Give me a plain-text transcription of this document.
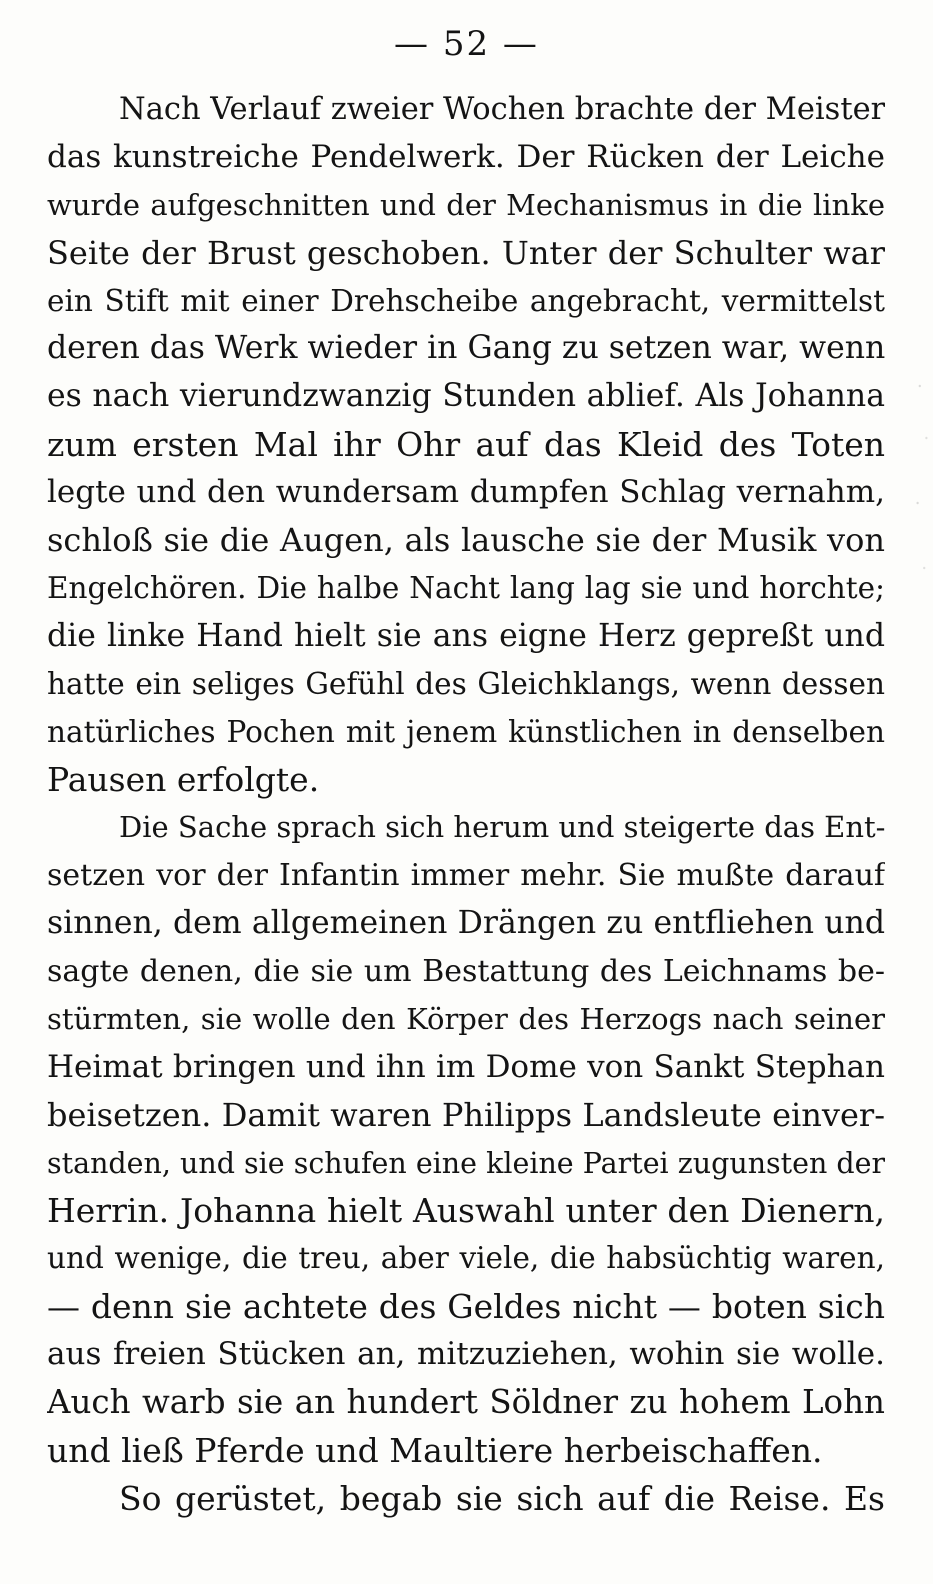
— 52 —
Nach Verlauf zweier Wochen brachte der Meister
das kunstreiche Pendelwerk. Der Rücken der Leiche
wurde aufgeschnitten und der Mechanismus in die linke
Seite der Brust geschoben. Unter der Schulter war
ein Stift mit einer Drehscheibe angebracht, vermittelst
deren das Werk wieder in Gang zu setzen war, wenn
es nach vierundzwanzig Stunden ablief. Als Johanna
zum ersten Mal ihr Ohr auf das Kleid des Toten
legte und den wundersam dumpfen Schlag vernahm,
schloß sie die Augen, als lausche sie der Musik von
Engelchören. Die halbe Nacht lang lag sie und horchte;
die linke Hand hielt sie ans eigne Herz gepreßt und
hatte ein seliges Gefühl des Gleichklangs, wenn dessen
natürliches Pochen mit jenem künstlichen in denselben
Pausen erfolgte.
Die Sache sprach sich herum und steigerte das Ent-
setzen vor der Infantin immer mehr. Sie mußte darauf
sinnen, dem allgemeinen Drängen zu entfliehen und
sagte denen, die sie um Bestattung des Leichnams be-
stürmten, sie wolle den Körper des Herzogs nach seiner
Heimat bringen und ihn im Dome von Sankt Stephan
beisetzen. Damit waren Philipps Landsleute einver-
standen, und sie schufen eine kleine Partei zugunsten der
Herrin. Johanna hielt Auswahl unter den Dienern,
und wenige, die treu, aber viele, die habsüchtig waren,
— denn sie achtete des Geldes nicht — boten sich
aus freien Stücken an, mitzuziehen, wohin sie wolle.
Auch warb sie an hundert Söldner zu hohem Lohn
und ließ Pferde und Maultiere herbeischaffen.
So gerüstet, begab sie sich auf die Reise. Es
